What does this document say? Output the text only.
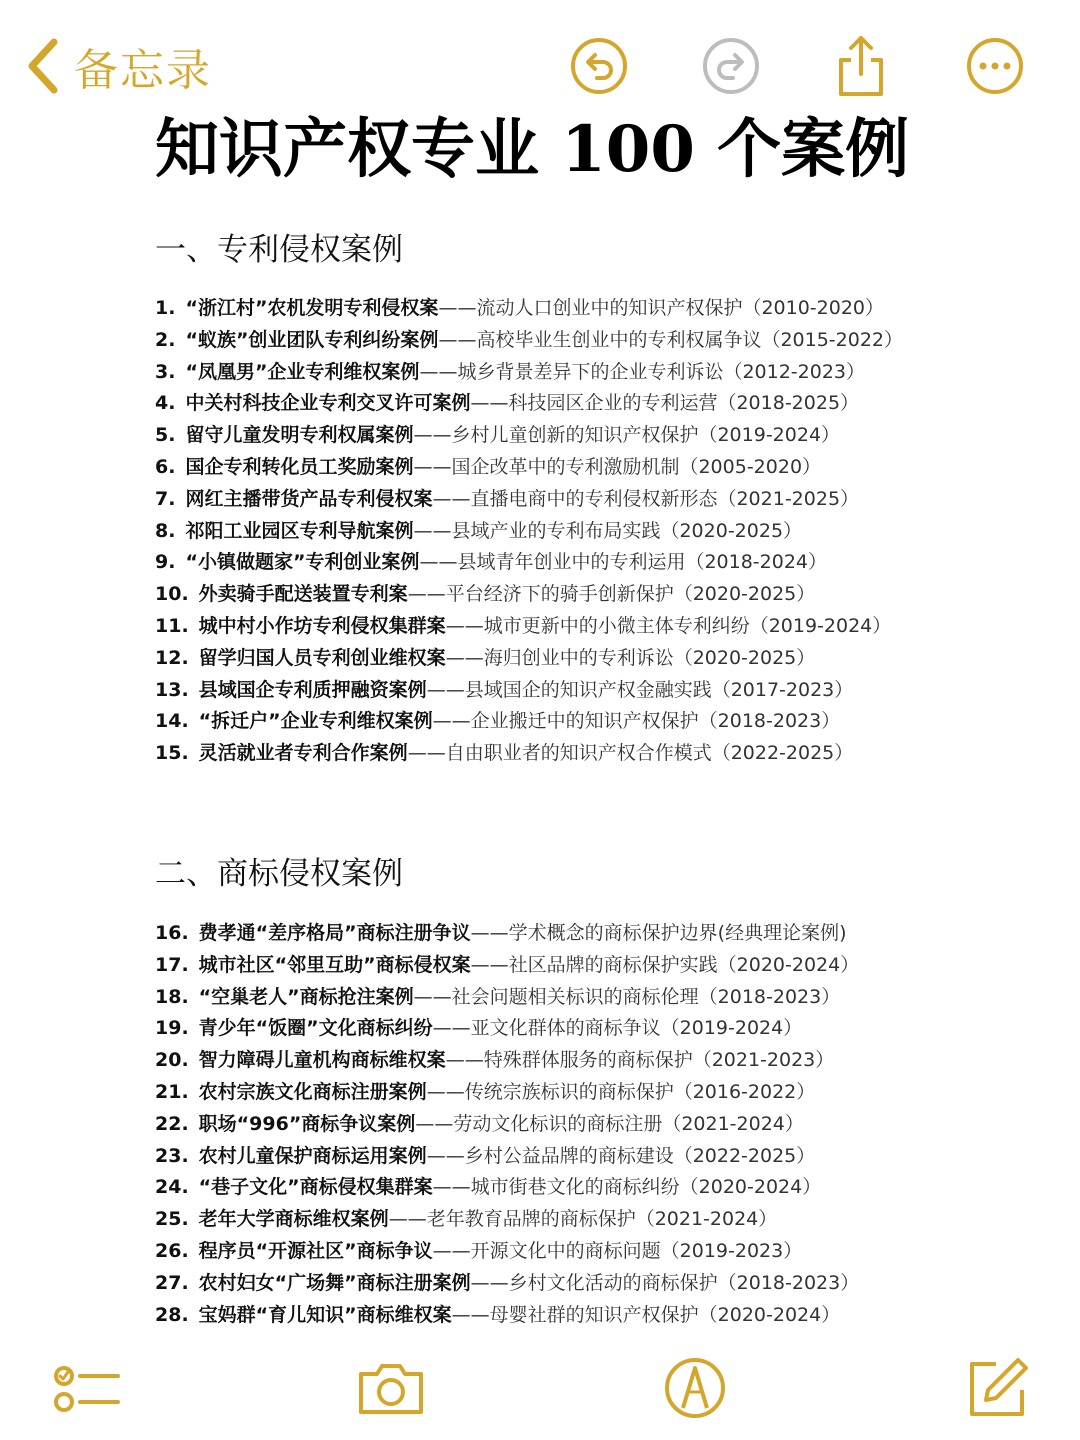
备忘录
知识产权专业 100 个案例
一、专利侵权案例
1. “浙江村”农机发明专利侵权案——流动人口创业中的知识产权保护（2010-2020）
2. “蚁族”创业团队专利纠纷案例——高校毕业生创业中的专利权属争议（2015-2022）
3. “凤凰男”企业专利维权案例——城乡背景差异下的企业专利诉讼（2012-2023）
4. 中关村科技企业专利交叉许可案例——科技园区企业的专利运营（2018-2025）
5. 留守儿童发明专利权属案例——乡村儿童创新的知识产权保护（2019-2024）
6. 国企专利转化员工奖励案例——国企改革中的专利激励机制（2005-2020）
7. 网红主播带货产品专利侵权案——直播电商中的专利侵权新形态（2021-2025）
8. 祁阳工业园区专利导航案例——县域产业的专利布局实践（2020-2025）
9. “小镇做题家”专利创业案例——县域青年创业中的专利运用（2018-2024）
10. 外卖骑手配送装置专利案——平台经济下的骑手创新保护（2020-2025）
11. 城中村小作坊专利侵权集群案——城市更新中的小微主体专利纠纷（2019-2024）
12. 留学归国人员专利创业维权案——海归创业中的专利诉讼（2020-2025）
13. 县域国企专利质押融资案例——县域国企的知识产权金融实践（2017-2023）
14. “拆迁户”企业专利维权案例——企业搬迁中的知识产权保护（2018-2023）
15. 灵活就业者专利合作案例——自由职业者的知识产权合作模式（2022-2025）
二、商标侵权案例
16. 费孝通“差序格局”商标注册争议——学术概念的商标保护边界(经典理论案例)
17. 城市社区“邻里互助”商标侵权案——社区品牌的商标保护实践（2020-2024）
18. “空巢老人”商标抢注案例——社会问题相关标识的商标伦理（2018-2023）
19. 青少年“饭圈”文化商标纠纷——亚文化群体的商标争议（2019-2024）
20. 智力障碍儿童机构商标维权案——特殊群体服务的商标保护（2021-2023）
21. 农村宗族文化商标注册案例——传统宗族标识的商标保护（2016-2022）
22. 职场“996”商标争议案例——劳动文化标识的商标注册（2021-2024）
23. 农村儿童保护商标运用案例——乡村公益品牌的商标建设（2022-2025）
24. “巷子文化”商标侵权集群案——城市街巷文化的商标纠纷（2020-2024）
25. 老年大学商标维权案例——老年教育品牌的商标保护（2021-2024）
26. 程序员“开源社区”商标争议——开源文化中的商标问题（2019-2023）
27. 农村妇女“广场舞”商标注册案例——乡村文化活动的商标保护（2018-2023）
28. 宝妈群“育儿知识”商标维权案——母婴社群的知识产权保护（2020-2024）
